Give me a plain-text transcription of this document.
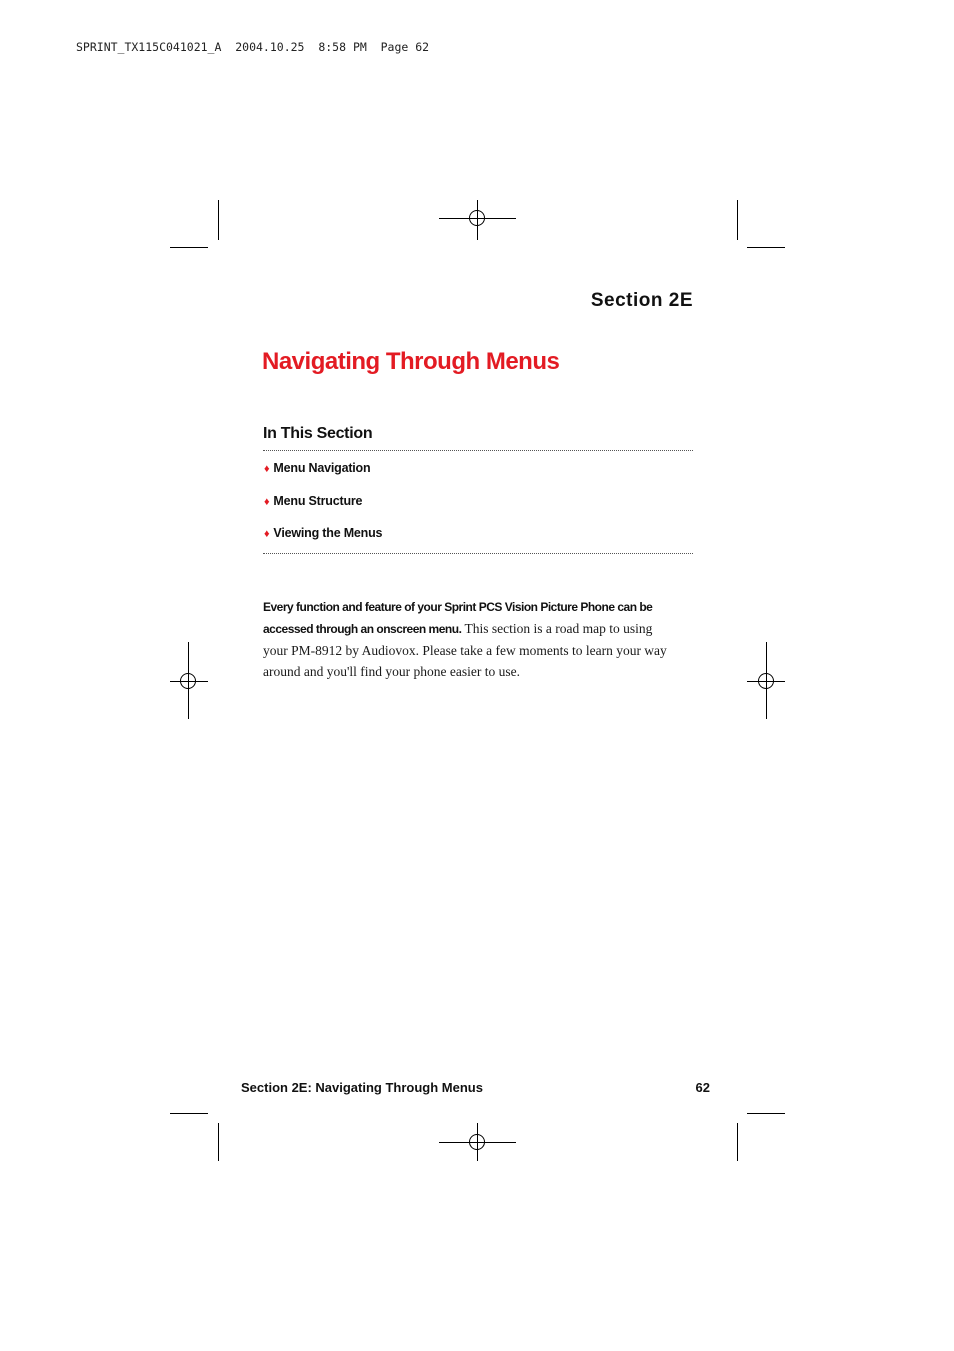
SPRINT_TX115C041021_A  2004.10.25  8:58 PM  Page 62
Section 2E
Navigating Through Menus
In This Section
♦ Menu Navigation
♦ Menu Structure
♦ Viewing the Menus

Every function and feature of your Sprint PCS Vision Picture Phone can be accessed through an onscreen menu. This section is a road map to using your PM-8912 by Audiovox. Please take a few moments to learn your way around and you'll find your phone easier to use.

Section 2E: Navigating Through Menus	62
